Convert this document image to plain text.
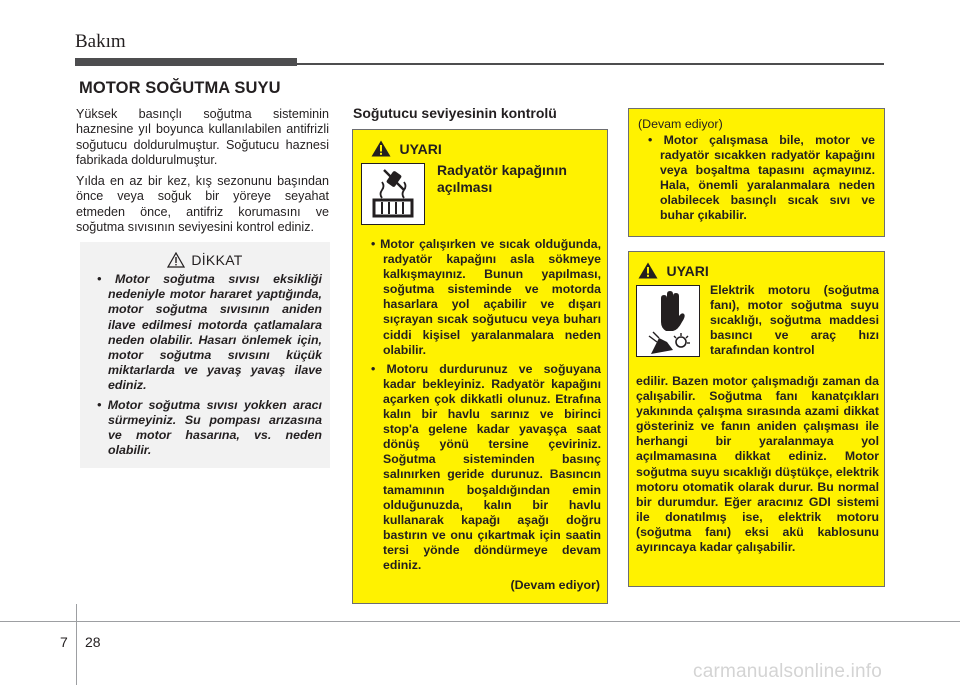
Bakım
MOTOR SOĞUTMA SUYU

Yüksek basınçlı soğutma sisteminin haznesine yıl boyunca kullanılabilen antifrizli soğutucu doldurulmuştur. Soğutucu haznesi fabrikada doldurulmuştur.

Yılda en az bir kez, kış sezonunu başından önce veya soğuk bir yöreye seyahat etmeden önce, antifriz korumasını ve soğutma sıvısının seviyesini kontrol ediniz.

DİKKAT

• Motor soğutma sıvısı eksikliği nedeniyle motor hararet yaptığında, motor soğutma sıvısının aniden ilave edilmesi motorda çatlamalara neden olabilir. Hasarı önlemek için, motor soğutma sıvısını küçük miktarlarda ve yavaş yavaş ilave ediniz.

• Motor soğutma sıvısı yokken aracı sürmeyiniz. Su pompası arızasına ve motor hasarına, vs. neden olabilir.

Soğutucu seviyesinin kontrolü
UYARI
Radyatör kapağının açılması

• Motor çalışırken ve sıcak olduğunda, radyatör kapağını asla sökmeye kalkışmayınız. Bunun yapılması, soğutma sisteminde ve motorda hasarlara yol açabilir ve dışarı sıçrayan sıcak soğutucu veya buharı ciddi kişisel yaralanmalara neden olabilir.

• Motoru durdurunuz ve soğuyana kadar bekleyiniz. Radyatör kapağını açarken çok dikkatli olunuz. Etrafına kalın bir havlu sarınız ve birinci stop'a gelene kadar yavaşça saat dönüş yönü tersine çeviriniz. Soğutma sisteminden basınç salınırken geride durunuz. Basıncın tamamının boşaldığından emin olduğunuzda, kalın bir havlu kullanarak kapağı aşağı doğru bastırın ve onu çıkartmak için saatin tersi yönde döndürmeye devam ediniz.

(Devam ediyor)
(Devam ediyor)

• Motor çalışmasa bile, motor ve radyatör sıcakken radyatör kapağını veya boşaltma tapasını açmayınız. Hala, önemli yaralanmalara neden olabilecek basınçlı sıcak sıvı ve buhar çıkabilir.

UYARI

Elektrik motoru (soğutma fanı), motor soğutma suyu sıcaklığı, soğutma maddesi basıncı ve araç hızı tarafından kontrol

edilir. Bazen motor çalışmadığı zaman da çalışabilir. Soğutma fanı kanatçıkları yakınında çalışma sırasında azami dikkat gösteriniz ve fanın aniden çalışması ile herhangi bir yaralanmaya yol açılmamasına dikkat ediniz. Motor soğutma suyu sıcaklığı düştükçe, elektrik motoru otomatik olarak durur. Bu normal bir durumdur. Eğer aracınız GDI sistemi ile donatılmış ise, elektrik motoru (soğutma fanı) eksi akü kablosunu ayırıncaya kadar çalışabilir.

7 28
carmanualsonline.info
